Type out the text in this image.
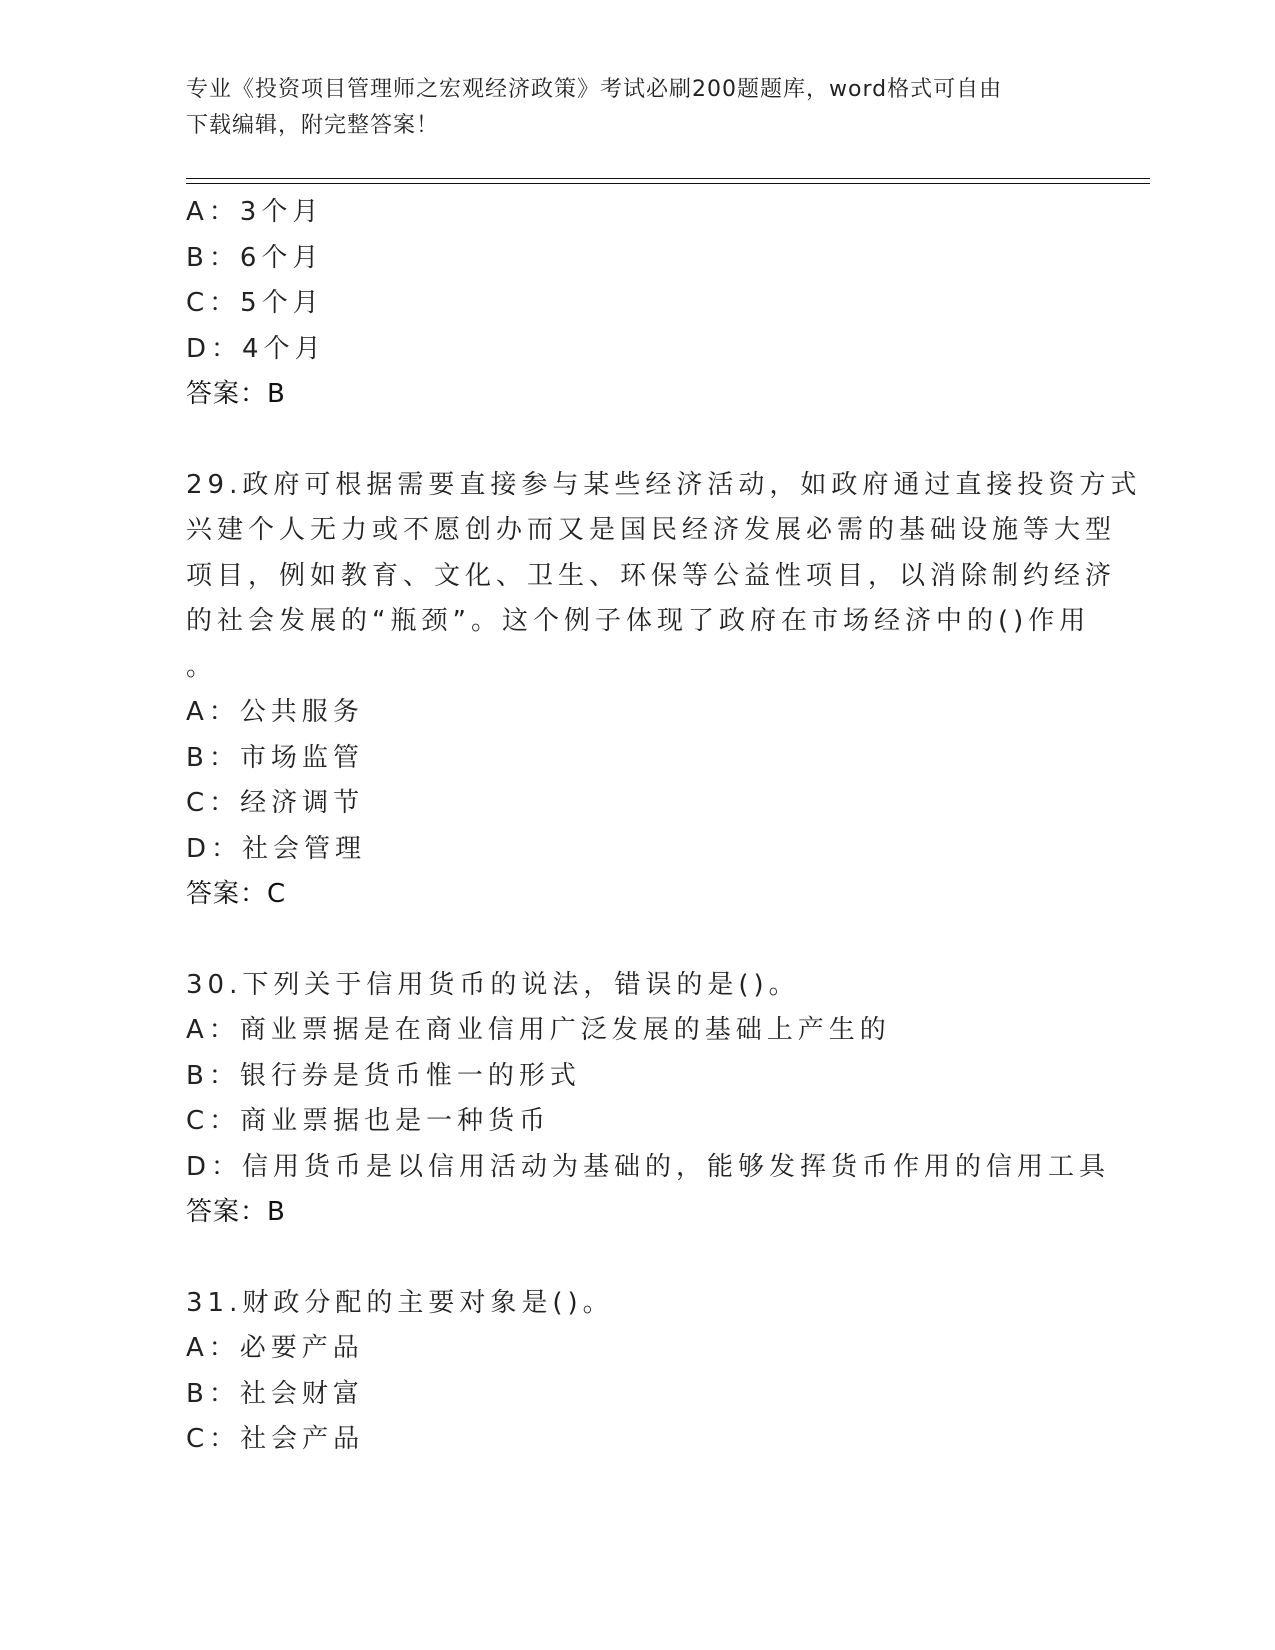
专业《投资项目管理师之宏观经济政策》考试必刷200题题库，word格式可自由
下载编辑，附完整答案！
A：3个月
B：6个月
C：5个月
D：4个月
答案：B
29.政府可根据需要直接参与某些经济活动，如政府通过直接投资方式
兴建个人无力或不愿创办而又是国民经济发展必需的基础设施等大型
项目，例如教育、文化、卫生、环保等公益性项目，以消除制约经济
的社会发展的“瓶颈”。这个例子体现了政府在市场经济中的()作用
。
A：公共服务
B：市场监管
C：经济调节
D：社会管理
答案：C
30.下列关于信用货币的说法，错误的是()。
A：商业票据是在商业信用广泛发展的基础上产生的
B：银行券是货币惟一的形式
C：商业票据也是一种货币
D：信用货币是以信用活动为基础的，能够发挥货币作用的信用工具
答案：B
31.财政分配的主要对象是()。
A：必要产品
B：社会财富
C：社会产品
